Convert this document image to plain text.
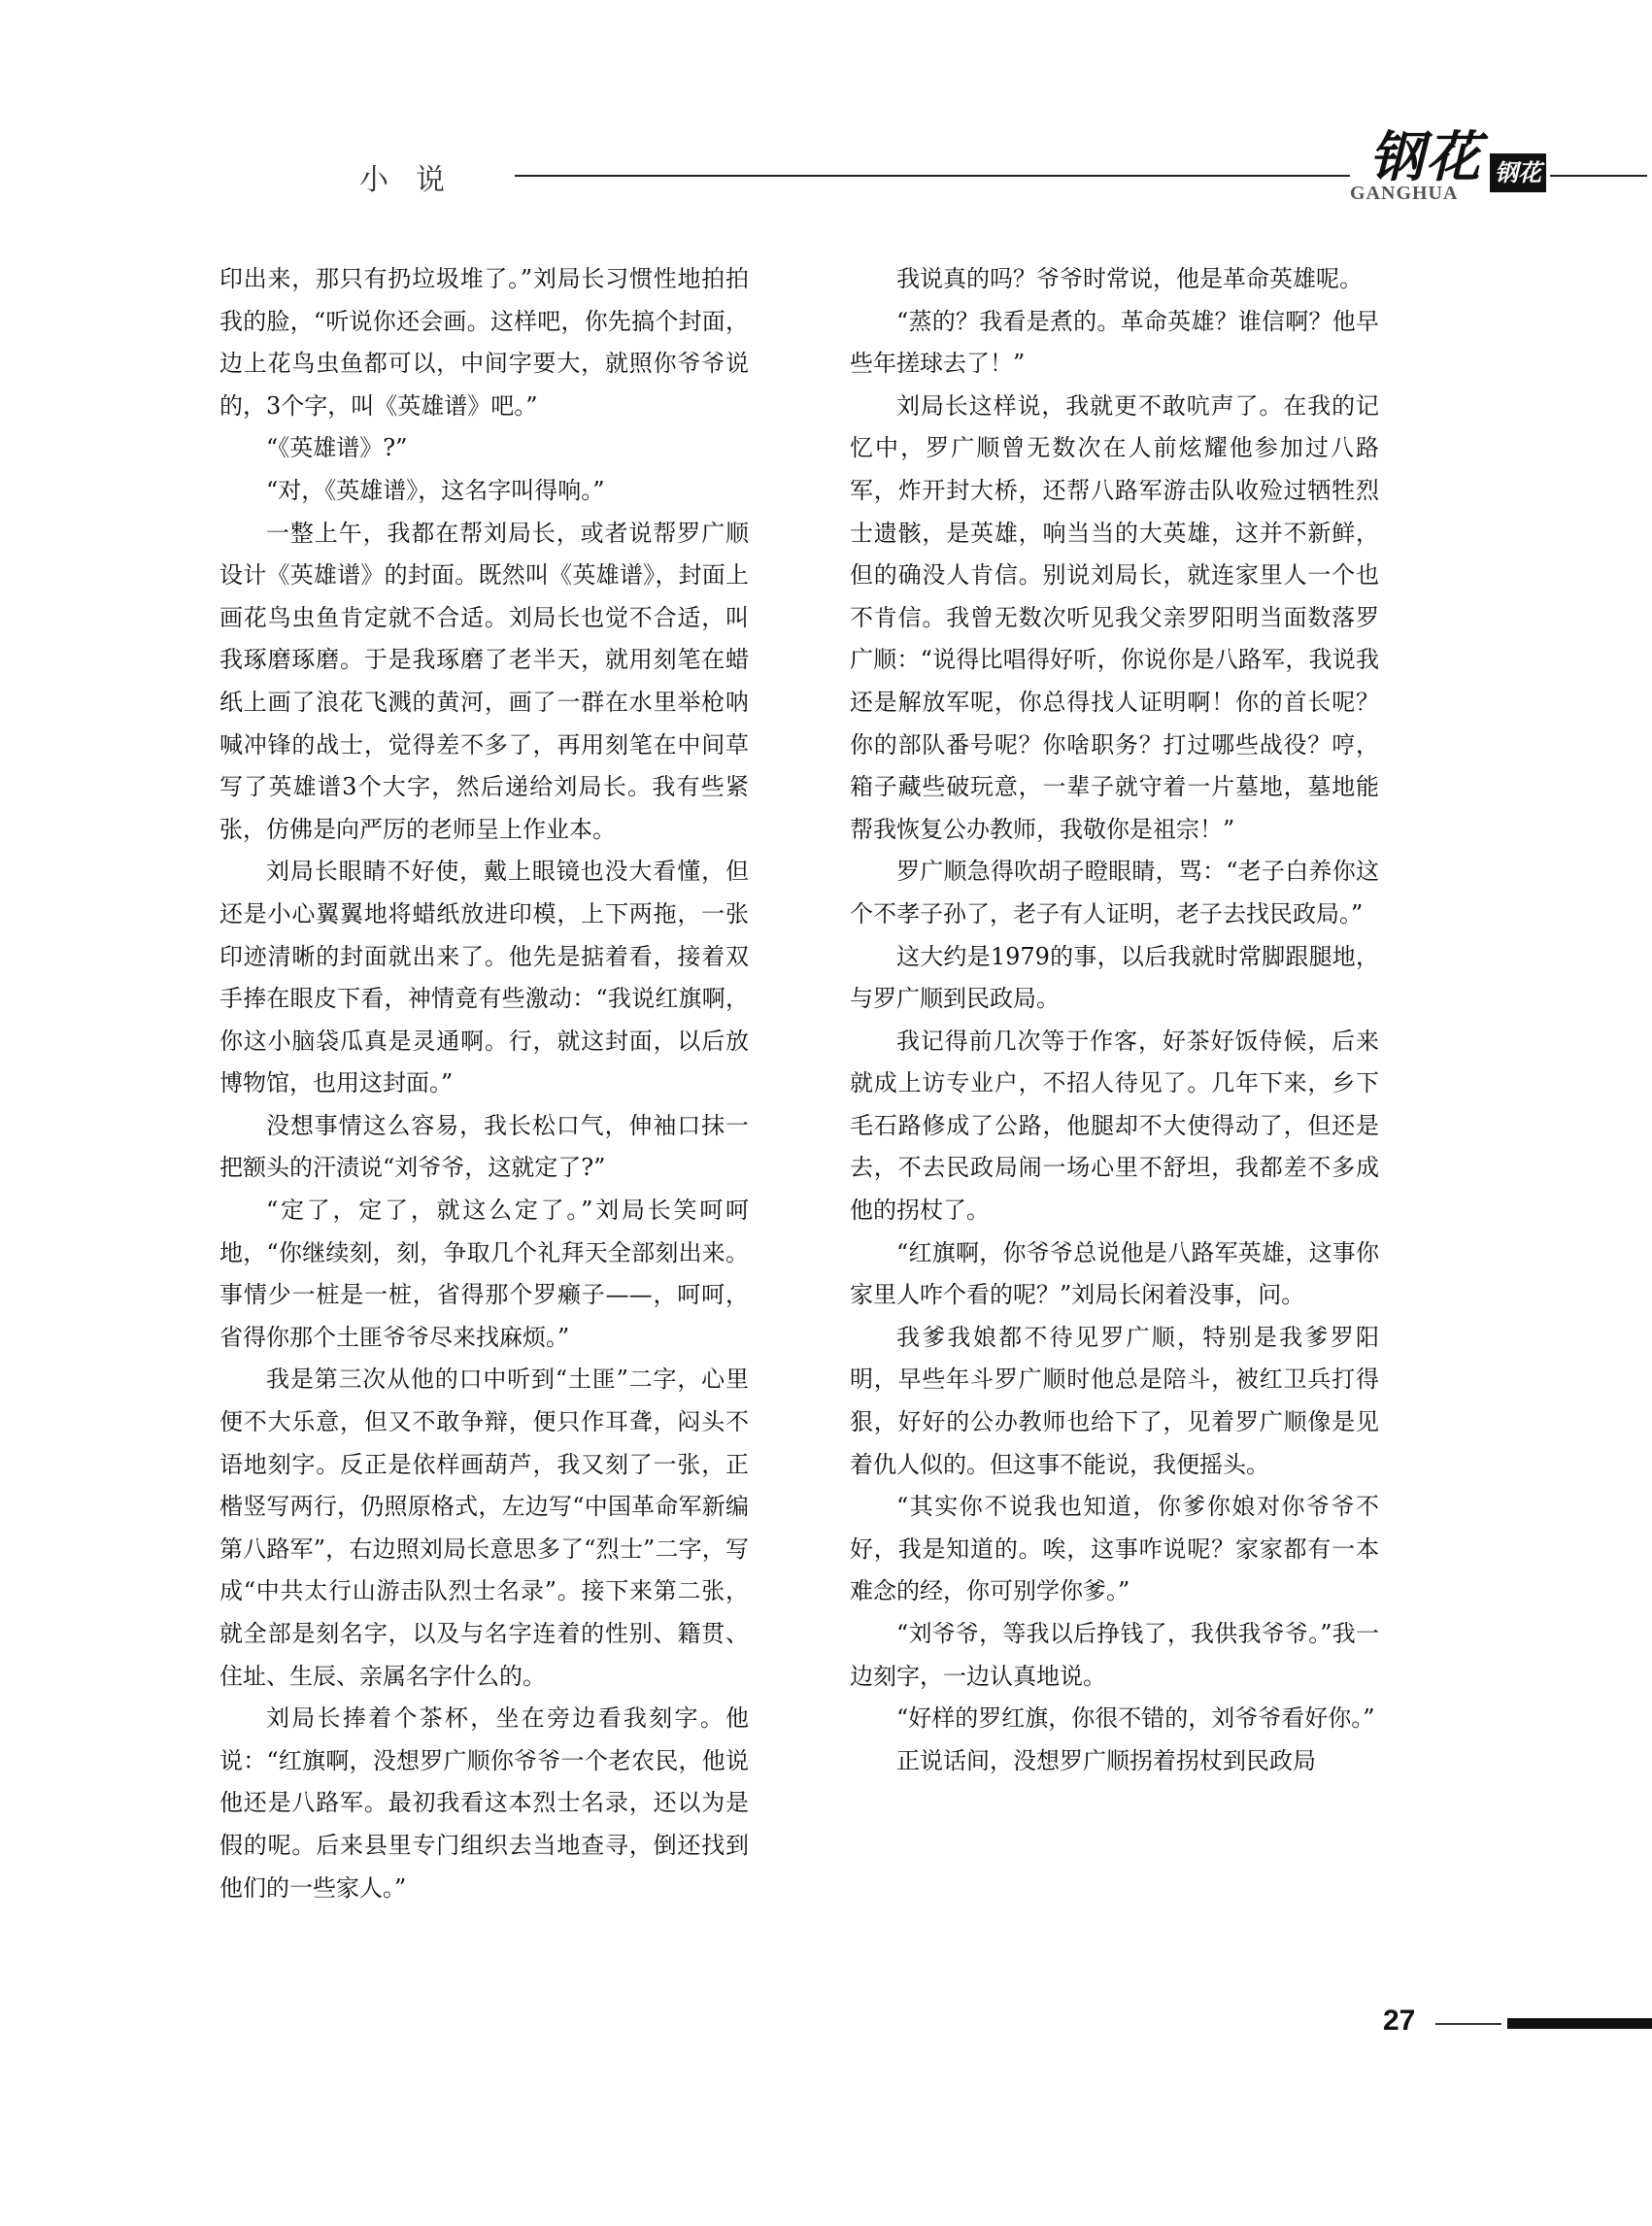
小说	钢花
GANGHUA
钢花

印出来，那只有扔垃圾堆了。”刘局长习惯性地拍拍我的脸，“听说你还会画。这样吧，你先搞个封面，边上花鸟虫鱼都可以，中间字要大，就照你爷爷说的，3个字，叫《英雄谱》吧。”

“《英雄谱》?”

“对，《英雄谱》，这名字叫得响。”

一整上午，我都在帮刘局长，或者说帮罗广顺设计《英雄谱》的封面。既然叫《英雄谱》，封面上画花鸟虫鱼肯定就不合适。刘局长也觉不合适，叫我琢磨琢磨。于是我琢磨了老半天，就用刻笔在蜡纸上画了浪花飞溅的黄河，画了一群在水里举枪呐喊冲锋的战士，觉得差不多了，再用刻笔在中间草写了英雄谱3个大字，然后递给刘局长。我有些紧张，仿佛是向严厉的老师呈上作业本。

刘局长眼睛不好使，戴上眼镜也没大看懂，但还是小心翼翼地将蜡纸放进印模，上下两拖，一张印迹清晰的封面就出来了。他先是掂着看，接着双手捧在眼皮下看，神情竟有些激动：“我说红旗啊，你这小脑袋瓜真是灵通啊。行，就这封面，以后放博物馆，也用这封面。”

没想事情这么容易，我长松口气，伸袖口抹一把额头的汗渍说“刘爷爷，这就定了?”

“定了，定了，就这么定了。”刘局长笑呵呵地，“你继续刻，刻，争取几个礼拜天全部刻出来。事情少一桩是一桩，省得那个罗癞子——，呵呵，省得你那个土匪爷爷尽来找麻烦。”

我是第三次从他的口中听到“土匪”二字，心里便不大乐意，但又不敢争辩，便只作耳聋，闷头不语地刻字。反正是依样画葫芦，我又刻了一张，正楷竖写两行，仍照原格式，左边写“中国革命军新编第八路军”，右边照刘局长意思多了“烈士”二字，写成“中共太行山游击队烈士名录”。接下来第二张，就全部是刻名字，以及与名字连着的性别、籍贯、住址、生辰、亲属名字什么的。

刘局长捧着个茶杯，坐在旁边看我刻字。他说：“红旗啊，没想罗广顺你爷爷一个老农民，他说他还是八路军。最初我看这本烈士名录，还以为是假的呢。后来县里专门组织去当地查寻，倒还找到他们的一些家人。”

我说真的吗？爷爷时常说，他是革命英雄呢。

“蒸的？我看是煮的。革命英雄？谁信啊？他早些年搓球去了！”

刘局长这样说，我就更不敢吭声了。在我的记忆中，罗广顺曾无数次在人前炫耀他参加过八路军，炸开封大桥，还帮八路军游击队收殓过牺牲烈士遗骸，是英雄，响当当的大英雄，这并不新鲜，但的确没人肯信。别说刘局长，就连家里人一个也不肯信。我曾无数次听见我父亲罗阳明当面数落罗广顺：“说得比唱得好听，你说你是八路军，我说我还是解放军呢，你总得找人证明啊！你的首长呢？你的部队番号呢？你啥职务？打过哪些战役？哼，箱子藏些破玩意，一辈子就守着一片墓地，墓地能帮我恢复公办教师，我敬你是祖宗！”

罗广顺急得吹胡子瞪眼睛，骂：“老子白养你这个不孝子孙了，老子有人证明，老子去找民政局。”

这大约是1979的事，以后我就时常脚跟腿地，与罗广顺到民政局。

我记得前几次等于作客，好茶好饭侍候，后来就成上访专业户，不招人待见了。几年下来，乡下毛石路修成了公路，他腿却不大使得动了，但还是去，不去民政局闹一场心里不舒坦，我都差不多成他的拐杖了。

“红旗啊，你爷爷总说他是八路军英雄，这事你家里人咋个看的呢？”刘局长闲着没事，问。

我爹我娘都不待见罗广顺，特别是我爹罗阳明，早些年斗罗广顺时他总是陪斗，被红卫兵打得狠，好好的公办教师也给下了，见着罗广顺像是见着仇人似的。但这事不能说，我便摇头。

“其实你不说我也知道，你爹你娘对你爷爷不好，我是知道的。唉，这事咋说呢？家家都有一本难念的经，你可别学你爹。”

“刘爷爷，等我以后挣钱了，我供我爷爷。”我一边刻字，一边认真地说。

“好样的罗红旗，你很不错的，刘爷爷看好你。”

正说话间，没想罗广顺拐着拐杖到民政局

27
